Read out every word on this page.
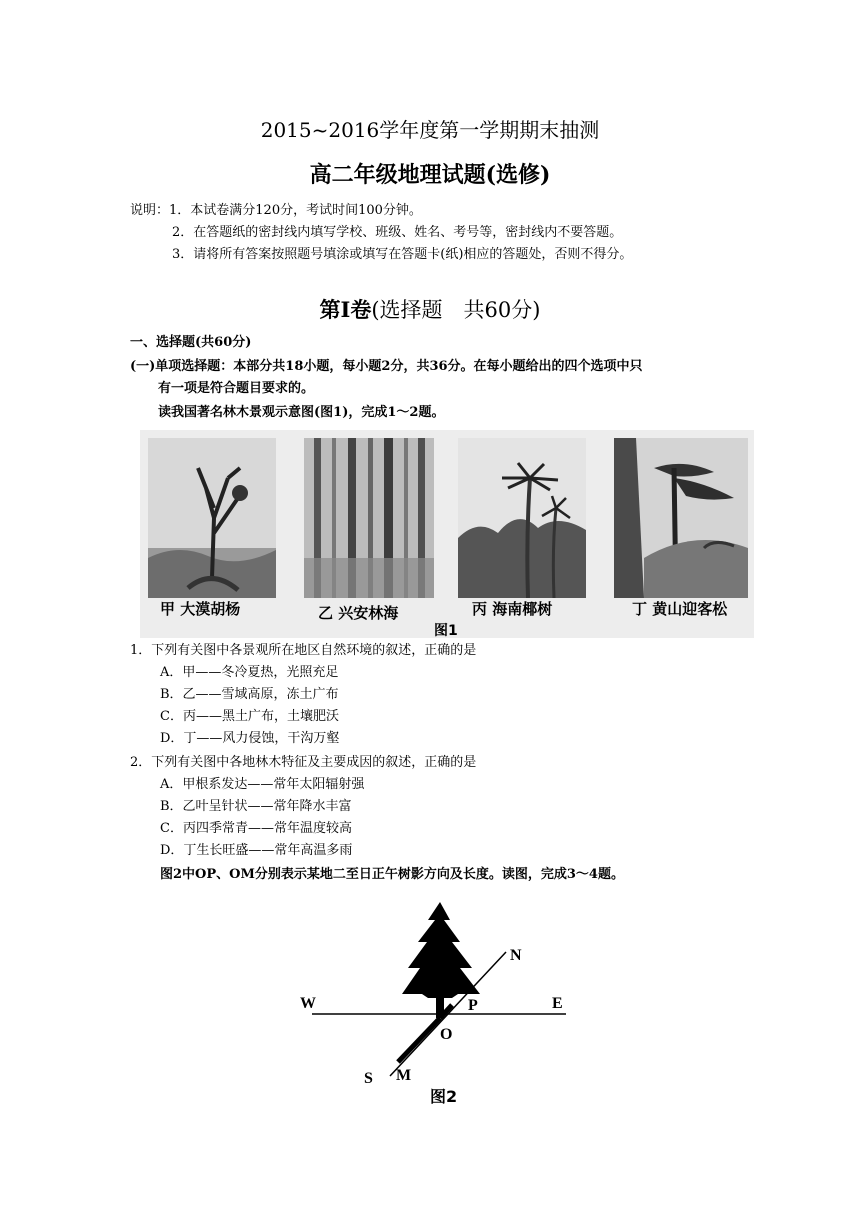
2015~2016学年度第一学期期末抽测
高二年级地理试题(选修)
说明：1．本试卷满分120分，考试时间100分钟。
2．在答题纸的密封线内填写学校、班级、姓名、考号等，密封线内不要答题。
3．请将所有答案按照题号填涂或填写在答题卡(纸)相应的答题处，否则不得分。
第Ⅰ卷(选择题　共60分)
一、选择题(共60分)
(一)单项选择题：本部分共18小题，每小题2分，共36分。在每小题给出的四个选项中只
有一项是符合题目要求的。
读我国著名林木景观示意图(图1)，完成1～2题。
甲 大漠胡杨	乙 兴安林海	丙 海南椰树	丁 黄山迎客松
图1
1．下列有关图中各景观所在地区自然环境的叙述，正确的是
A．甲——冬冷夏热，光照充足
B．乙——雪域高原，冻土广布
C．丙——黑土广布，土壤肥沃
D．丁——风力侵蚀，干沟万壑
2．下列有关图中各地林木特征及主要成因的叙述，正确的是
A．甲根系发达——常年太阳辐射强
B．乙叶呈针状——常年降水丰富
C．丙四季常青——常年温度较高
D．丁生长旺盛——常年高温多雨
图2中OP、OM分别表示某地二至日正午树影方向及长度。读图，完成3～4题。
N
W	E
P
O
S M
图2
